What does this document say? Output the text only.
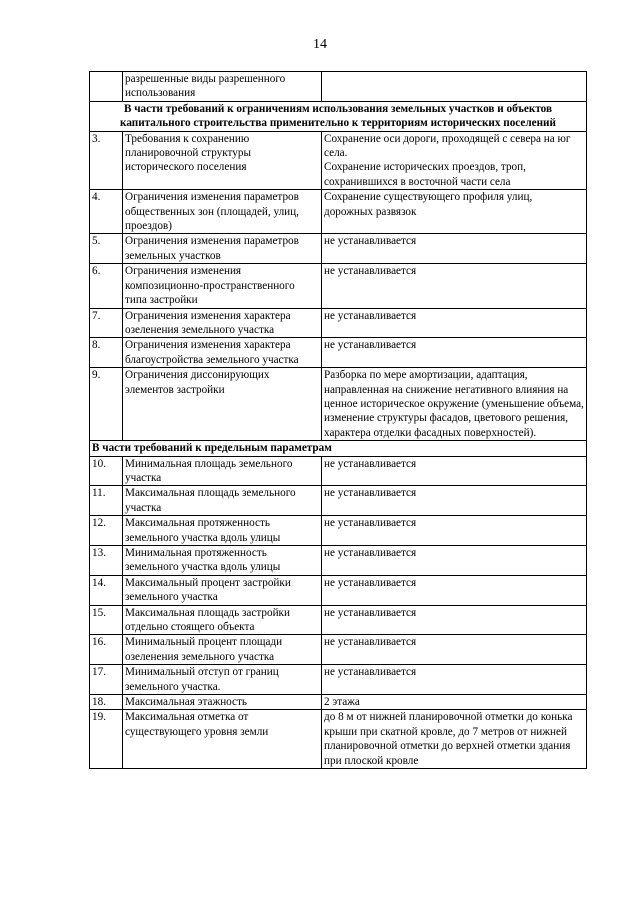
14
	разрешенные виды разрешенного использования	
В части требований к ограничениям использования земельных участков и объектов капитального строительства применительно к территориям исторических поселений		
3.	Требования к сохранению планировочной структуры исторического поселения	Сохранение оси дороги, проходящей с севера на юг села.

Сохранение исторических проездов, троп, сохранившихся в восточной части села

4.	Ограничения изменения параметров общественных зон (площадей, улиц, проездов)	Сохранение существующего профиля улиц, дорожных развязок

5.	Ограничения изменения параметров земельных участков	не устанавливается

6.	Ограничения изменения композиционно-пространственного типа застройки	не устанавливается

7.	Ограничения изменения характера озеленения земельного участка	не устанавливается

8.	Ограничения изменения характера благоустройства земельного участка	не устанавливается

9.	Ограничения диссонирующих элементов застройки	Разборка по мере амортизации, адаптация, направленная на снижение негативного влияния на ценное историческое окружение (уменьшение объема, изменение структуры фасадов, цветового решения, характера отделки фасадных поверхностей).

В части требований к предельным параметрам		
10.	Минимальная площадь земельного участка	не устанавливается
11.	Максимальная площадь земельного участка	не устанавливается
12.	Максимальная протяженность земельного участка вдоль улицы	не устанавливается
13.	Минимальная протяженность земельного участка вдоль улицы	не устанавливается
14.	Максимальный процент застройки земельного участка	не устанавливается
15.	Максимальная площадь застройки отдельно стоящего объекта	не устанавливается
16.	Минимальный процент площади озеленения земельного участка	не устанавливается
17.	Минимальный отступ от границ земельного участка.	не устанавливается
18.	Максимальная этажность	2 этажа
19.	Максимальная отметка от существующего уровня земли	до 8 м от нижней планировочной отметки до конька крыши при скатной кровле, до 7 метров от нижней планировочной отметки до верхней отметки здания при плоской кровле
